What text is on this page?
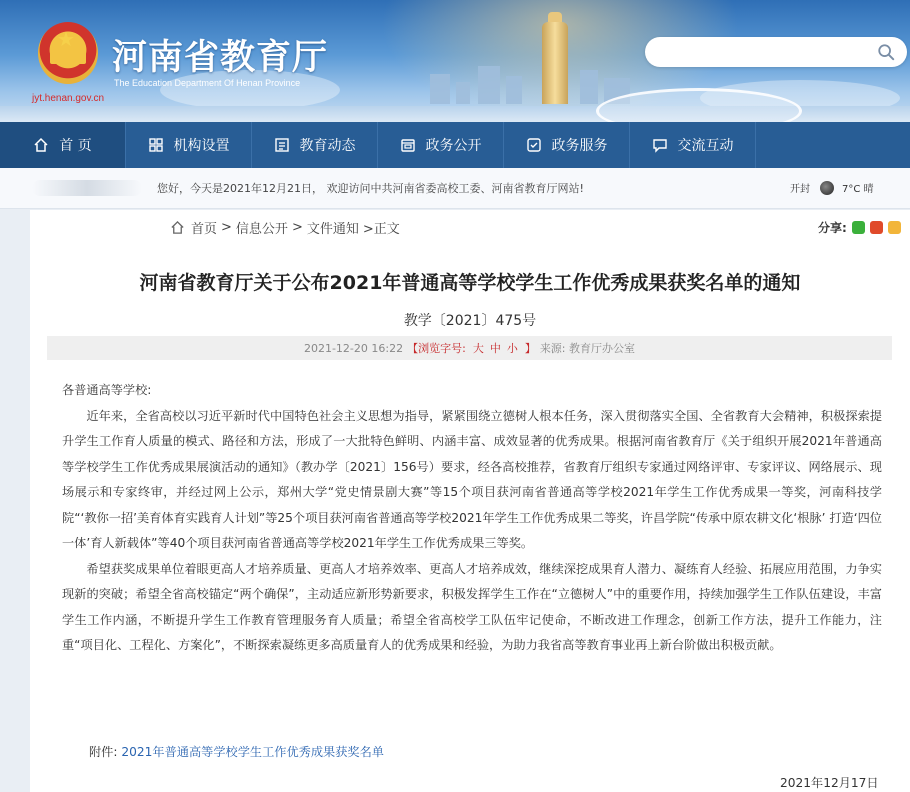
★ 河南省教育厅
The Education Department Of Henan Province
jyt.henan.gov.cn
首 页	机构设置	教育动态	政务公开	政务服务	交流互动
您好，今天是2021年12月21日， 欢迎访问中共河南省委高校工委、河南省教育厅网站!	开封	7°C 晴
首页 > 信息公开 > 文件通知 >正文	分享:
河南省教育厅关于公布2021年普通高等学校学生工作优秀成果获奖名单的通知
教学〔2021〕475号
2021-12-20 16:22 【浏览字号: 大 中 小 】 来源: 教育厅办公室

各普通高等学校:

近年来，全省高校以习近平新时代中国特色社会主义思想为指导，紧紧围绕立德树人根本任务，深入贯彻落实全国、全省教育大会精神，积极探索提升学生工作育人质量的模式、路径和方法，形成了一大批特色鲜明、内涵丰富、成效显著的优秀成果。根据河南省教育厅《关于组织开展2021年普通高等学校学生工作优秀成果展演活动的通知》（教办学〔2021〕156号）要求，经各高校推荐，省教育厅组织专家通过网络评审、专家评议、网络展示、现场展示和专家终审，并经过网上公示，郑州大学“党史情景剧大赛”等15个项目获河南省普通高等学校2021年学生工作优秀成果一等奖，河南科技学院“‘教你一招’美育体育实践育人计划”等25个项目获河南省普通高等学校2021年学生工作优秀成果二等奖，许昌学院“传承中原农耕文化‘根脉’ 打造‘四位一体’育人新载体”等40个项目获河南省普通高等学校2021年学生工作优秀成果三等奖。

希望获奖成果单位着眼更高人才培养质量、更高人才培养效率、更高人才培养成效，继续深挖成果育人潜力、凝练育人经验、拓展应用范围，力争实现新的突破；希望全省高校锚定“两个确保”，主动适应新形势新要求，积极发挥学生工作在“立德树人”中的重要作用，持续加强学生工作队伍建设，丰富学生工作内涵，不断提升学生工作教育管理服务育人质量；希望全省高校学工队伍牢记使命，不断改进工作理念，创新工作方法，提升工作能力，注重“项目化、工程化、方案化”，不断探索凝练更多高质量育人的优秀成果和经验，为助力我省高等教育事业再上新台阶做出积极贡献。

附件: 2021年普通高等学校学生工作优秀成果获奖名单
2021年12月17日
